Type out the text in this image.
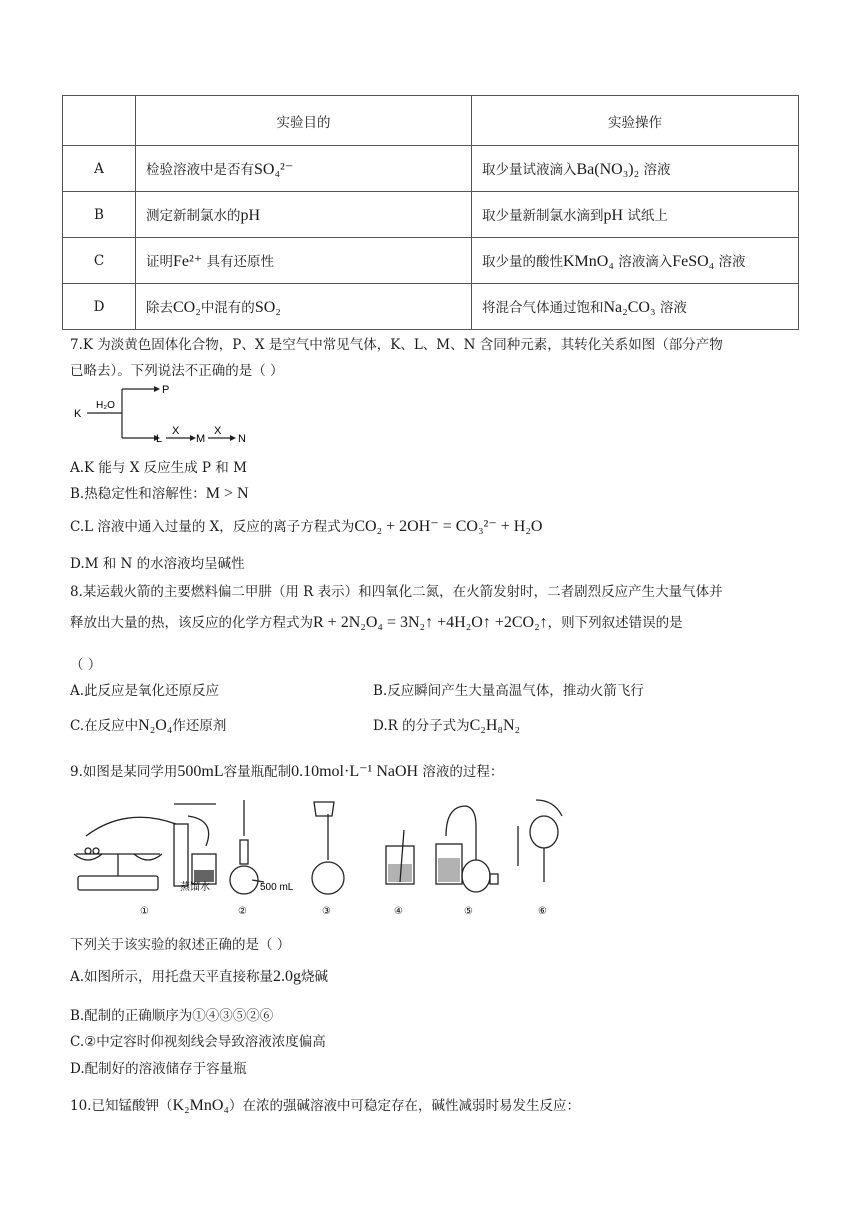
	实验目的	实验操作
A	检验溶液中是否有SO₄²⁻	取少量试液滴入Ba(NO₃)₂ 溶液
B	测定新制氯水的pH	取少量新制氯水滴到pH 试纸上
C	证明Fe²⁺ 具有还原性	取少量的酸性KMnO₄ 溶液滴入FeSO₄ 溶液
D	除去CO₂中混有的SO₂	将混合气体通过饱和Na₂CO₃ 溶液
7.K 为淡黄色固体化合物，P、X 是空气中常见气体，K、L、M、N 含同种元素，其转化关系如图（部分产物
已略去）。下列说法不正确的是（ ）
K
H₂O
P
L
X
M
X
N
A.K 能与 X 反应生成 P 和 M
B.热稳定性和溶解性：M > N
C.L 溶液中通入过量的 X，反应的离子方程式为CO₂ + 2OH⁻ = CO₃²⁻ + H₂O
D.M 和 N 的水溶液均呈碱性
8.某运载火箭的主要燃料偏二甲肼（用 R 表示）和四氧化二氮，在火箭发射时，二者剧烈反应产生大量气体并
释放出大量的热，该反应的化学方程式为R + 2N₂O₄ = 3N₂↑ +4H₂O↑ +2CO₂↑，则下列叙述错误的是
（ ）
A.此反应是氧化还原反应	B.反应瞬间产生大量高温气体，推动火箭飞行
C.在反应中N₂O₄作还原剂	D.R 的分子式为C₂H₈N₂
9.如图是某同学用500mL容量瓶配制0.10mol·L⁻¹ NaOH 溶液的过程：
蒸馏水	500 mL
①	②	③	④	⑤	⑥
下列关于该实验的叙述正确的是（ ）
A.如图所示，用托盘天平直接称量2.0g烧碱
B.配制的正确顺序为①④③⑤②⑥
C.②中定容时仰视刻线会导致溶液浓度偏高
D.配制好的溶液储存于容量瓶
10.已知锰酸钾（K₂MnO₄）在浓的强碱溶液中可稳定存在，碱性减弱时易发生反应：
